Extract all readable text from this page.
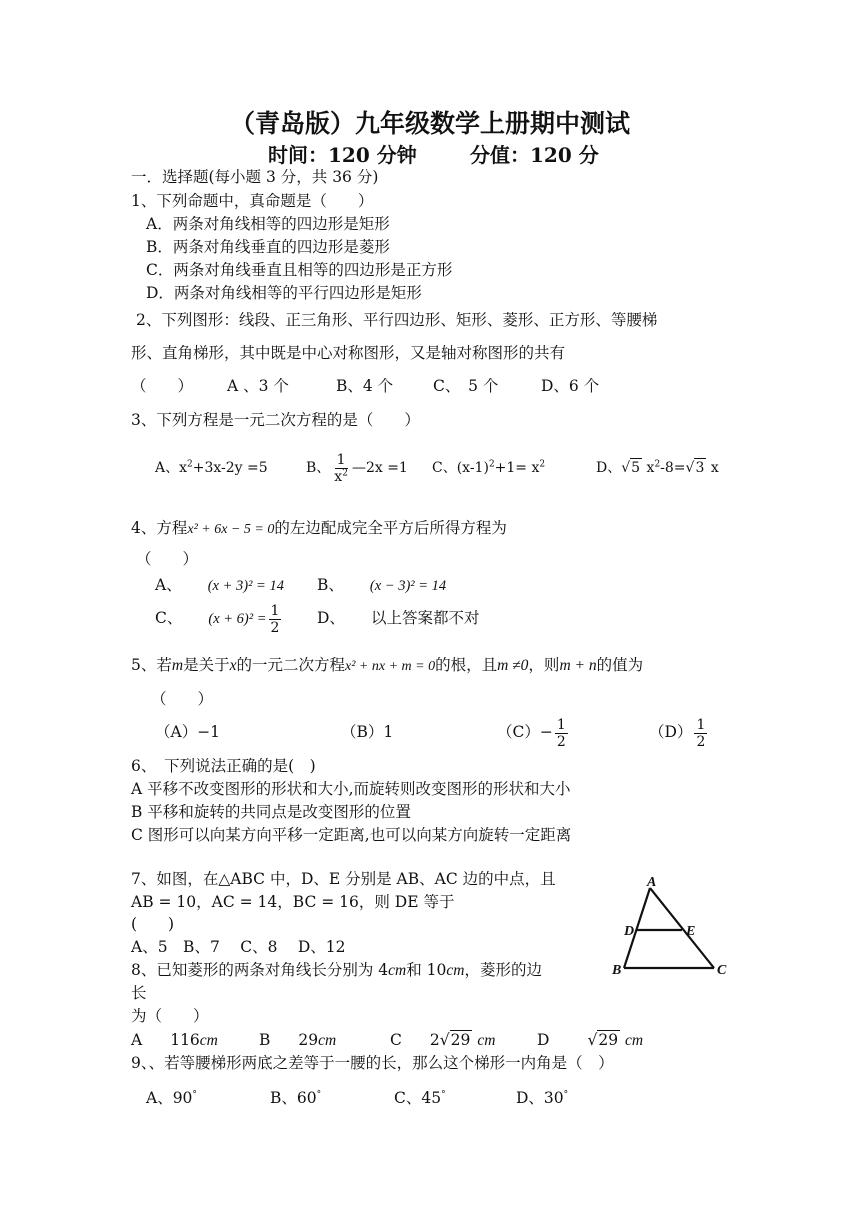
（青岛版）九年级数学上册期中测试
时间：120 分钟	分值：120 分
一．选择题(每小题 3 分，共 36 分)
1、下列命题中，真命题是（　　）
A．两条对角线相等的四边形是矩形
B．两条对角线垂直的四边形是菱形
C．两条对角线垂直且相等的四边形是正方形
D．两条对角线相等的平行四边形是矩形
2、下列图形：线段、正三角形、平行四边形、矩形、菱形、正方形、等腰梯
形、直角梯形，其中既是中心对称图形，又是轴对称图形的共有
（　　） A 、3 个	B、4 个	C、　5 个	D、6 个
3、下列方程是一元二次方程的是（　　）
A、$x^2+3x-2y =5$	B、 $\frac{1}{x^2}$ —2x =1 C、$(x-1)^2+1= x^2$	D、√5 $x^2-8=√3$ x
4、方程x² + 6x − 5 = 0的左边配成完全平方后所得方程为
（　　）
A、 (x + 3)² = 14 B、 (x − 3)² = 14
C、 $(x + 6)^2 = \frac{1}{2}$ D、 以上答案都不对
5、若m是关于x的一元二次方程x² + nx + m = 0的根，且m ≠0，则m + n的值为
（　　）
（A）−1	（B）1	$(C)- \frac{1}{2}$	$(D) \frac{1}{2}$
6、　下列说法正确的是(　)
A 平移不改变图形的形状和大小,而旋转则改变图形的形状和大小
B 平移和旋转的共同点是改变图形的位置
C 图形可以向某方向平移一定距离,也可以向某方向旋转一定距离
7、如图，在△ABC 中，D、E 分别是 AB、AC 边的中点，且
AB = 10，AC = 14，BC = 16，则 DE 等于
(　　)
A、5　B、7　 C、8　 D、12
A
B	C
D	E
8、已知菱形的两条对角线长分别为 4cm和 10cm，菱形的边
长
为（　　）
A 116cm	B 29cm	C 2√29 cm	D √29 cm
9、、若等腰梯形两底之差等于一腰的长，那么这个梯形一内角是（　）
A、90°	B、60°	C、45°	D、30°
